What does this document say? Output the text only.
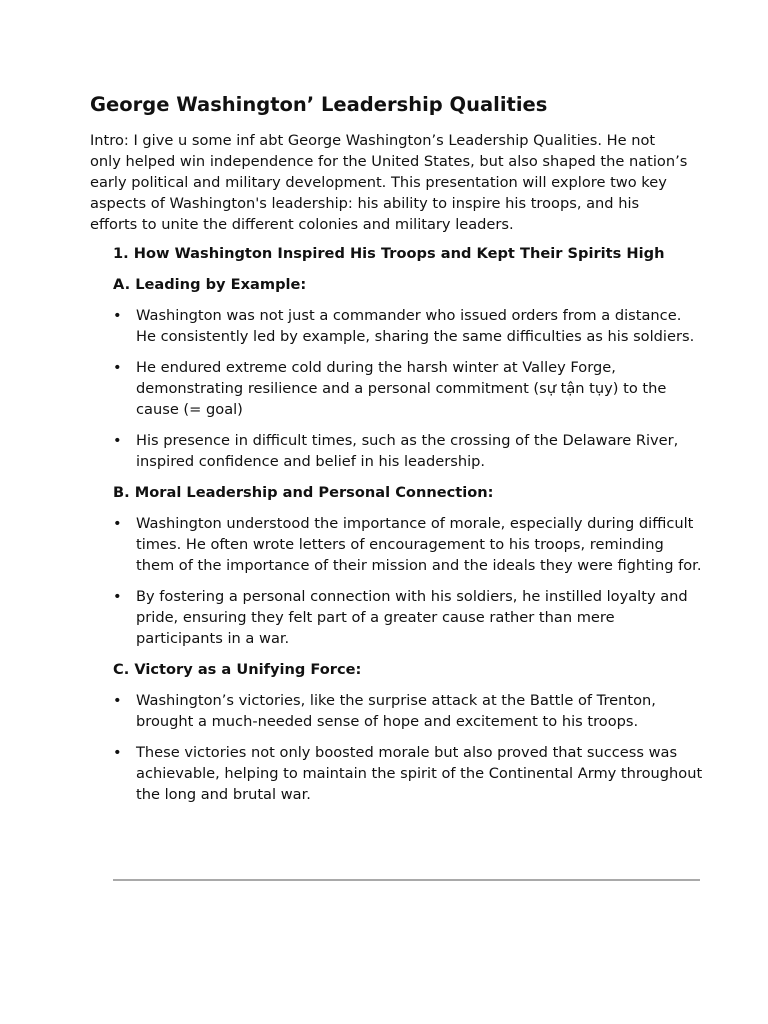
George Washington’ Leadership Qualities

Intro: I give u some inf abt George Washington’s Leadership Qualities. He not only helped win independence for the United States, but also shaped the nation’s early political and military development. This presentation will explore two key aspects of Washington's leadership: his ability to inspire his troops, and his efforts to unite the different colonies and military leaders.

1. How Washington Inspired His Troops and Kept Their Spirits High

A. Leading by Example:

• Washington was not just a commander who issued orders from a distance. He consistently led by example, sharing the same difficulties as his soldiers.
• He endured extreme cold during the harsh winter at Valley Forge, demonstrating resilience and a personal commitment (sự tận tụy) to the cause (= goal)
• His presence in difficult times, such as the crossing of the Delaware River, inspired confidence and belief in his leadership.

B. Moral Leadership and Personal Connection:

• Washington understood the importance of morale, especially during difficult times. He often wrote letters of encouragement to his troops, reminding them of the importance of their mission and the ideals they were fighting for.
• By fostering a personal connection with his soldiers, he instilled loyalty and pride, ensuring they felt part of a greater cause rather than mere participants in a war.

C. Victory as a Unifying Force:

• Washington’s victories, like the surprise attack at the Battle of Trenton, brought a much-needed sense of hope and excitement to his troops.
• These victories not only boosted morale but also proved that success was achievable, helping to maintain the spirit of the Continental Army throughout the long and brutal war.
